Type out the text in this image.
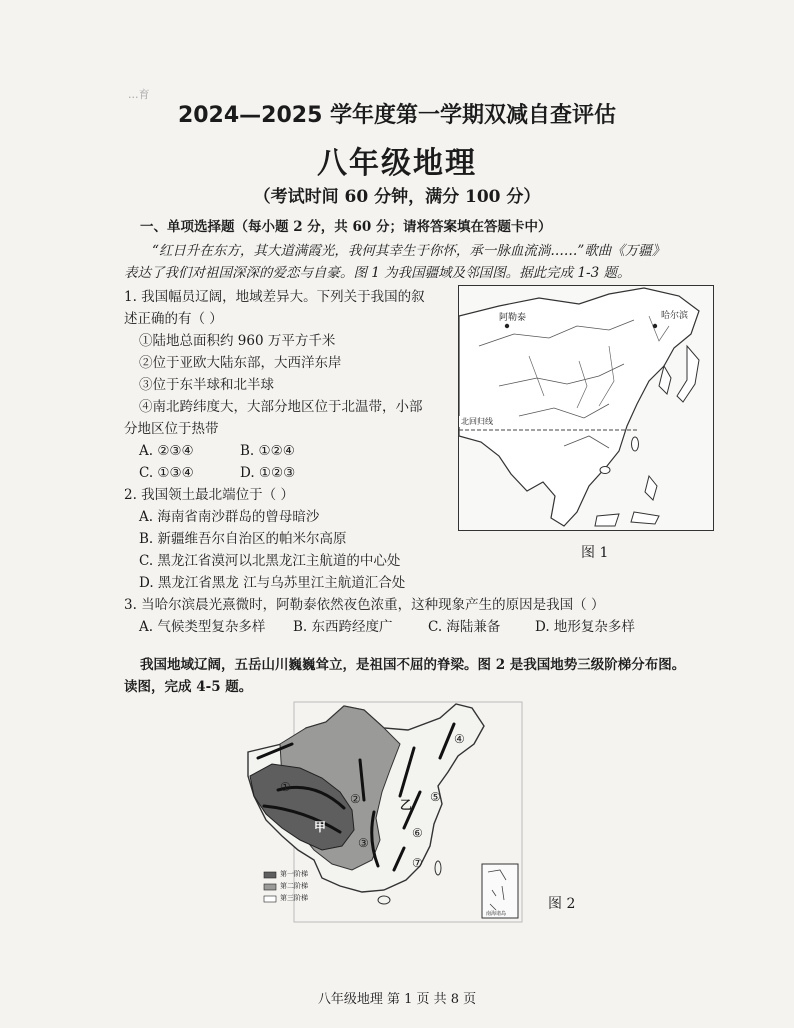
...育
2024—2025 学年度第一学期双减自查评估
八年级地理
（考试时间 60 分钟，满分 100 分）
一、单项选择题（每小题 2 分，共 60 分；请将答案填在答题卡中）
“红日升在东方，其大道满霞光，我何其幸生于你怀，承一脉血流淌……”歌曲《万疆》
表达了我们对祖国深深的爱恋与自豪。图 1 为我国疆域及邻国图。据此完成 1-3 题。
1. 我国幅员辽阔，地域差异大。下列关于我国的叙
述正确的有（ ）
①陆地总面积约 960 万平方千米
②位于亚欧大陆东部，大西洋东岸
③位于东半球和北半球
④南北跨纬度大，大部分地区位于北温带，小部
分地区位于热带
A. ②③④	B. ①②④
C. ①③④	D. ①②③
2. 我国领土最北端位于（ ）
A. 海南省南沙群岛的曾母暗沙
B. 新疆维吾尔自治区的帕米尔高原
C. 黑龙江省漠河以北黑龙江主航道的中心处
D. 黑龙江省黑龙 江与乌苏里江主航道汇合处
3. 当哈尔滨晨光熹微时，阿勒泰依然夜色浓重，这种现象产生的原因是我国（ ）
A. 气候类型复杂多样 B. 东西跨经度广	C. 海陆兼备	D. 地形复杂多样
阿勒泰	哈尔滨
北回归线
图 1
我国地域辽阔，五岳山川巍巍耸立，是祖国不屈的脊梁。图 2 是我国地势三级阶梯分布图。
读图，完成 4-5 题。
①
②
③
④
⑤
⑥
⑦
甲
乙
第一阶梯
第二阶梯
第三阶梯
南海诸岛
图 2
八年级地理 第 1 页 共 8 页
